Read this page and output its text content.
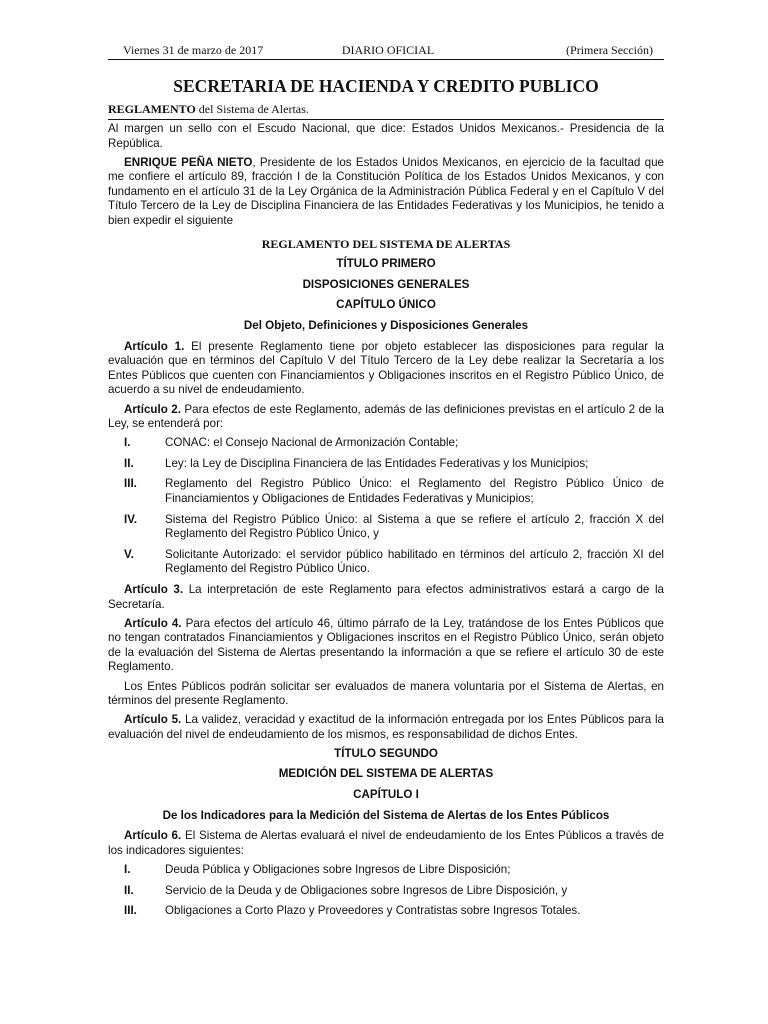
Viernes 31 de marzo de 2017	DIARIO OFICIAL	(Primera Sección)
SECRETARIA DE HACIENDA Y CREDITO PUBLICO
REGLAMENTO del Sistema de Alertas.

Al margen un sello con el Escudo Nacional, que dice: Estados Unidos Mexicanos.- Presidencia de la República.

ENRIQUE PEÑA NIETO, Presidente de los Estados Unidos Mexicanos, en ejercicio de la facultad que me confiere el artículo 89, fracción I de la Constitución Política de los Estados Unidos Mexicanos, y con fundamento en el artículo 31 de la Ley Orgánica de la Administración Pública Federal y en el Capítulo V del Título Tercero de la Ley de Disciplina Financiera de las Entidades Federativas y los Municipios, he tenido a bien expedir el siguiente

REGLAMENTO DEL SISTEMA DE ALERTAS
TÍTULO PRIMERO
DISPOSICIONES GENERALES
CAPÍTULO ÚNICO
Del Objeto, Definiciones y Disposiciones Generales

Artículo 1. El presente Reglamento tiene por objeto establecer las disposiciones para regular la evaluación que en términos del Capítulo V del Título Tercero de la Ley debe realizar la Secretaría a los Entes Públicos que cuenten con Financiamientos y Obligaciones inscritos en el Registro Público Único, de acuerdo a su nivel de endeudamiento.

Artículo 2. Para efectos de este Reglamento, además de las definiciones previstas en el artículo 2 de la Ley, se entenderá por:

I.	CONAC: el Consejo Nacional de Armonización Contable;
II.	Ley: la Ley de Disciplina Financiera de las Entidades Federativas y los Municipios;
III.	Reglamento del Registro Público Único: el Reglamento del Registro Público Único de Financiamientos y Obligaciones de Entidades Federativas y Municipios;
IV.	Sistema del Registro Público Único: al Sistema a que se refiere el artículo 2, fracción X del Reglamento del Registro Público Único, y
V.	Solicitante Autorizado: el servidor público habilitado en términos del artículo 2, fracción XI del Reglamento del Registro Público Único.

Artículo 3. La interpretación de este Reglamento para efectos administrativos estará a cargo de la Secretaría.

Artículo 4. Para efectos del artículo 46, último párrafo de la Ley, tratándose de los Entes Públicos que no tengan contratados Financiamientos y Obligaciones inscritos en el Registro Público Único, serán objeto de la evaluación del Sistema de Alertas presentando la información a que se refiere el artículo 30 de este Reglamento.

Los Entes Públicos podrán solicitar ser evaluados de manera voluntaria por el Sistema de Alertas, en términos del presente Reglamento.

Artículo 5. La validez, veracidad y exactitud de la información entregada por los Entes Públicos para la evaluación del nivel de endeudamiento de los mismos, es responsabilidad de dichos Entes.

TÍTULO SEGUNDO
MEDICIÓN DEL SISTEMA DE ALERTAS
CAPÍTULO I
De los Indicadores para la Medición del Sistema de Alertas de los Entes Públicos

Artículo 6. El Sistema de Alertas evaluará el nivel de endeudamiento de los Entes Públicos a través de los indicadores siguientes:

I.	Deuda Pública y Obligaciones sobre Ingresos de Libre Disposición;
II.	Servicio de la Deuda y de Obligaciones sobre Ingresos de Libre Disposición, y
III.	Obligaciones a Corto Plazo y Proveedores y Contratistas sobre Ingresos Totales.
